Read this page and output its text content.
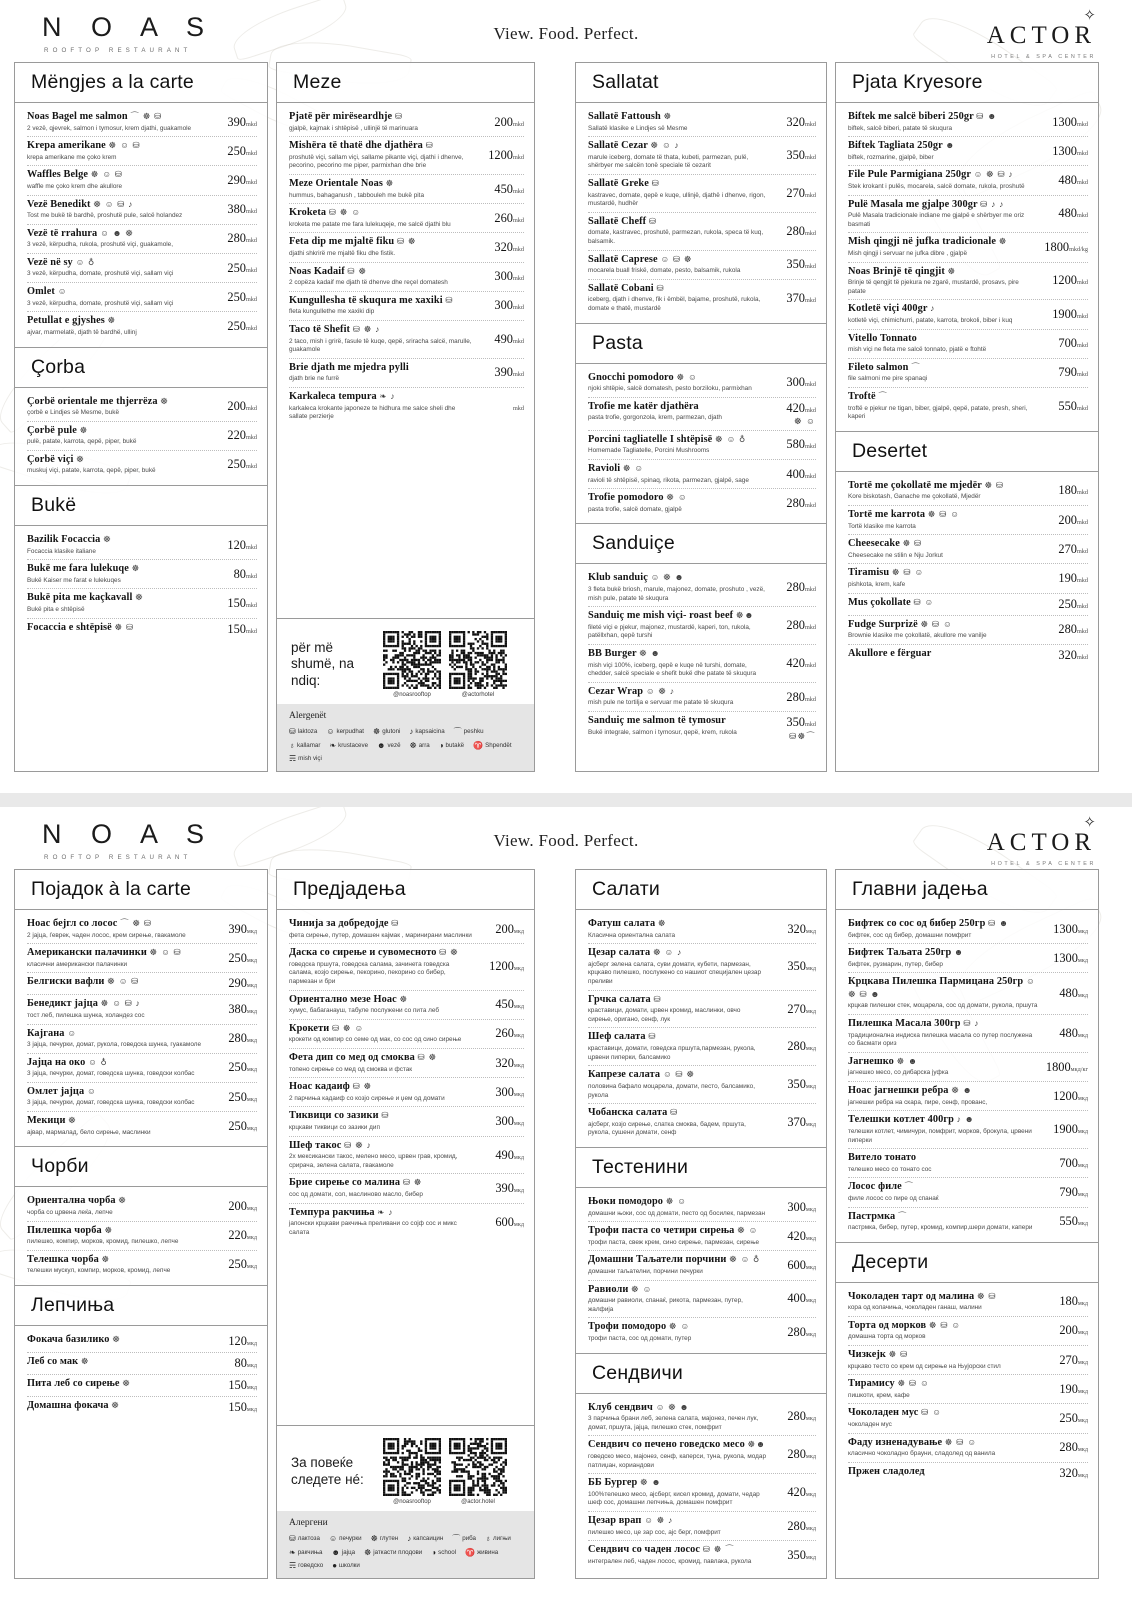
N O A S
ROOFTOP RESTAURANT
View. Food. Perfect.
✧
ACTOR
HOTEL & SPA CENTER
Mëngjes a la carte
Noas Bagel me salmon ⌒ ☸ ⛁
2 vezë, qjevrek, salmon i tymosur, krem djathi, guakamole	390mkd
Krepa amerikane ☸ ☺ ⛁
krepa amerikane me çoko krem	250mkd
Waffles Belge ☸ ☺ ⛁
waffle me çoko krem dhe akullore	290mkd
Vezë Benedikt ☸ ☺ ⛁ ♪
Tost me bukë të bardhë, proshutë pule, salcë holandez	380mkd
Vezë të rrahura ☺ ☻ ☸
3 vezë, kërpudha, rukola, proshutë viçi, guakamole,	280mkd
Vezë në sy ☺ ♁
3 vezë, kërpudha, domate, proshutë viçi, sallam viçi	250mkd
Omlet ☺
3 vezë, kërpudha, domate, proshutë viçi, sallam viçi	250mkd
Petullat e gjyshes ☸
ajvar, marmelatë, djath të bardhë, ullinj	250mkd
Çorba
Çorbë orientale me thjerrëza ☸
çorbë e Lindjes së Mesme, bukë	200mkd
Çorbë pule ☸
pulë, patate, karrota, qepë, piper, bukë	220mkd
Çorbë viçi ☸
muskuj viçi, patate, karrota, qepë, piper, bukë	250mkd
Bukë
Bazilik Focaccia ☸
Focaccia klasike italiane	120mkd
Bukë me fara lulekuqe ☸
Bukë Kaiser me farat e lulekuqes	80mkd
Bukë pita me kaçkavall ☸
Bukë pita e shtëpisë	150mkd
Focaccia e shtëpisë ☸ ⛁	150mkd
Meze
Pjatë për mirëseardhje ⛁
gjalpë, kajmak i shtëpisë , ullinjë të marinuara	200mkd
Mishëra të thatë dhe djathëra ⛁
proshutë viçi, sallam viçi, sallame pikante viçi, djathi i dhenve, pecorino, pecorino me piper, parmixhan dhe brie
1200mkd
Meze Orientale Noas ☸
hummus, bahaganush , tabbouleh me bukë pita	450mkd
Kroketa ⛁ ☸ ☺
kroketa me patate me fara lulekuqeje, me salcë djathi blu	260mkd
Feta dip me mjaltë fiku ⛁ ☸
djathi shkrirë me mjaltë fiku dhe fistik.	320mkd
Noas Kadaif ⛁ ☸
2 copëza kadaif me djath të dhenve dhe reçel domatesh	300mkd
Kungullesha të skuqura me xaxiki ⛁
fleta kungullethe me xaxiki dip	300mkd
Taco të Shefit ⛁ ☸ ♪
2 taco, mish i grirë, fasule të kuqe, qepë, sriracha salcë, marulle, guakamole
490mkd
Brie djath me mjedra pylli
djath brie ne furrë	390mkd
Karkaleca tempura ❧ ♪
karkaleca krokante japoneze te hidhura me salce sheli dhe sallate perzierje
mkd
për më shumë, na ndiq:
@noasrooftop	@actorhotel
Alergenët
⛁ laktoza ☺ kerpudhat ☸ glutoni ♪ kapsaicina ⌒ peshku
♁ kallamar ❧ krustaceve ☻ vezë ☸ arra ◑ butakë ♈ Shpendët
☴ mish viçi
Sallatat
Sallatë Fattoush ☸
Sallatë klasike e Lindjes së Mesme	320mkd
Sallatë Cezar ☸ ☺ ♪
marule iceberg, domate të thata, kubeti, parmezan, pulë, shërbyer me salcën tonë speciale të cezarit
350mkd
Sallatë Greke ⛁
kastravec, domate, qepë e kuqe, ullinjë, djathë i dhenve, rigon, mustardë, hudhër
270mkd
Sallatë Cheff ⛁
domate, kastravec, proshutë, parmezan, rukola, speca të kuq, balsamik.
280mkd
Sallatë Caprese ☺ ⛁ ☸
mocarela buall friskë, domate, pesto, balsamik, rukola	350mkd
Sallatë Cobani ⛁
iceberg, djath i dhenve, fik i ëmbël, bajame, proshutë, rukola, domate e thatë, mustardë
370mkd
Pasta
Gnocchi pomodoro ☸ ☺
njoki shtëpie, salcë domatesh, pesto borziloku, parmixhan	300mkd
Trofie me katër djathëra
pasta trofie, gorgonzola, krem, parmezan, djath
420mkd
☸ ☺
Porcini tagliatelle I shtëpisë ☸ ☺ ♁
Homemade Tagliatelle, Porcini Mushrooms	580mkd
Ravioli ☸ ☺
ravioli të shtëpisë, spinaq, rikota, parmezan, gjalpë, sage	400mkd
Trofie pomodoro ☸ ☺
pasta trofie, salcë domate, gjalpë	280mkd
Sanduiçe
Klub sanduiç ☺ ☸ ☻
3 fleta bukë briosh, marule, majonez, domate, proshuto , vezë, mish pule, patate të skuqura
280mkd
Sanduiç me mish viçi- roast beef ☸☻
fileté viçi e pjekur, majonez, mustardë, kaperi, ton, rukola, patëllxhan, qepë turshi
280mkd
BB Burger ☸ ☻
mish viçi 100%, iceberg, qepë e kuqe në turshi, domate, chedder, salcë speciale e shefit bukë dhe patate të skuqura
420mkd
Cezar Wrap ☺ ☸ ♪
mish pule ne tortilja e servuar me patate të skuqura	280mkd
Sanduiç me salmon të tymosur
Bukë integrale, salmon i tymosur, qepë, krem, rukola
350mkd
⛁☸⌒
Pjata Kryesore
Biftek me salcë biberi 250gr ⛁ ☻
biftek, salcë biberi, patate të skuqura	1300mkd
Biftek Tagliata 250gr ☻
biftek, rozmarine, gjalpë, biber	1300mkd
File Pule Parmigiana 250gr ☺ ☸ ⛁ ♪
Stek krokant i pulës, mocarela, salcë domate, rukola, proshutë	480mkd
Pulë Masala me gjalpe 300gr ⛁ ♪ ♪
Pulë Masala tradicionale indiane me gjalpë e shërbyer me oriz basmati
480mkd
Mish qingji në jufka tradicionale ☸
Mish qingji i servuar ne jufka dibre , gjalpë	1800mkd/kg
Noas Brinjë të qingjit ☸
Brinje të qengjit të pjekura ne zgarë, mustardë, prosavs, pire patate
1200mkd
Kotletë viçi 400gr ♪
kotletë viçi, chimichurri, patate, karrota, brokoli, biber i kuq	1900mkd
Vitello Tonnato
mish viçi ne fleta me salcë tonnato, pjatë e ftohtë	700mkd
Fileto salmon ⌒
file salmoni me pire spanaqi	790mkd
Troftë ⌒
troftë e pjekur ne tigan, biber, gjalpë, qepë, patate, presh, sheri, kaperi
550mkd
Desertet
Tortë me çokollatë me mjedër ☸ ⛁
Kore biskotash, Ganache me çokollatë, Mjedër	180mkd
Tortë me karrota ☸ ⛁ ☺
Tortë klasike me karrota	200mkd
Cheesecake ☸ ⛁
Cheesecake ne stilin e Nju Jorkut	270mkd
Tiramisu ☸ ⛁ ☺
pishkota, krem, kafe	190mkd
Mus çokollate ⛁ ☺	250mkd
Fudge Surprizë ☸ ⛁ ☺
Brownie klasike me çokollatë, akullore me vanilje	280mkd
Akullore e fërguar	320mkd
N O A S
ROOFTOP RESTAURANT
View. Food. Perfect.
✧
ACTOR
HOTEL & SPA CENTER
Појадок à la carte
Ноас бејгл со лосос ⌒ ☸ ⛁
2 јајца, ѓеврек, чаден лосос, крем сирење, гвакамоле	390мкд
Американски палачинки ☸ ☺ ⛁
класични американски палачинки	250мкд
Белгиски вафли ☸ ☺ ⛁	290мкд
Бенедикт јајца ☸ ☺ ⛁ ♪
тост леб, пилешка шунка, холандез сос	380мкд
Кајгана ☺
3 јајца, печурки, домат, рукола, говедска шунка, гуакамоле	280мкд
Jajца на око ☺ ♁
3 јајца, печурки, домат, говедска шунка, говедски колбас	250мкд
Омлет јајца ☺
3 јајца, печурки, домат, говедска шунка, говедски колбас	250мкд
Мекици ☸
ајвар, мармалад, бело сирење, маслинки	250мкд
Чорби
Ориентална чорба ☸
чорба со црвена леќа, лепче	200мкд
Пилешка чорба ☸
пилешко, компир, морков, кромид, пилешко, лепче	220мкд
Телешка чорба ☸
телешки мускул, компир, морков, кромид, лепче	250мкд
Лепчиња
Фокача базилико ☸	120мкд
Леб со мак ☸	80мкд
Пита леб со сирење ☸	150мкд
Домашна фокача ☸	150мкд
Предјадења
Чинија за добредојде ⛁
фета сирење, путер, домашен кајмак , маринирани маслинки	200мкд
Даска со сирење и сувомесното ⛁ ☸
говедска пршута, говедска салама, зачинета говедска салама, козјо сирење, пекорино, пекорино со бибер, пармезан и бри
1200мкд
Ориентално мезе Ноас ☸
хумус, бабаганауш, табуле послужени со пита леб	450мкд
Крокети ⛁ ☸ ☺
крокети од компир со семе од мак, со сос од сино сирење	260мкд
Фета дип со мед од смоква ⛁ ☸
топено сирење со мед од смоква и фстак	320мкд
Ноас кадаиф ⛁ ☸
2 парчиња кадаиф со козjо сирење и џем од домати	300мкд
Тиквици со зазики ⛁
крцкави тиквици со зазики дип	300мкд
Шеф такос ⛁ ☸ ♪
2х мексикански такос, мелено месо, црвен грав, кромид, срирача, зелена салата, гвакамоле
490мкд
Брие сирење со малина ⛁ ☸
сос од домати, сол, маслиново масло, бибер	390мкд
Темпура ракчиња ❧ ♪
јапонски крцкави ракчиња преливани со сојф сос и микс салата
600мкд
За повеќе следете нé:
@noasrooftop	@actor.hotel
Алергени
⛁ лактоза ☺ печурки ☸ глутен ♪ капсаицин ⌒ риба ♁ лигњи
❧ ракчиња ☻ јајца ☸ јаткасти плодови ◑ school ♈ живина
☴ говедско ● школки
Салати
Фатуш салата ☸
Класична ориентална салата	320мкд
Цезар салата ☸ ☺ ♪
ајсберг зелена салата, суви домати, кубети, пармезан, крцкаво пилешко, послужено со нашиот специјален цезар преливи
350мкд
Грчка салата ⛁
краставици, домати, црвен кромид, маслинки, овчо сирење, оригано, сенф, лук
270мкд
Шеф салата ⛁
краставици, домати, говедска пршута,пармезан, рукола, црвени пиперки, балсамико
280мкд
Капрезе салата ☺ ⛁ ☸
половина бафало моцарела, домати, песто, балсамико, рукола
350мкд
Чобанска салата ⛁
ајсберг, козjо сирење, слатка смоква, бадем, пршута, рукола, сушени домати, сенф
370мкд
Тестенини
Њоки помодоро ☸ ☺
домашни њоки, сос од домати, песто од босилек, пармезан	300мкд
Трофи паста со четири сирења ☸ ☺
трофи паста, свеж крем, сино сирење, пармезан, сирење	420мкд
Домашни Таљатели порчини ☸ ☺ ♁
домашни таљателни, порчини печурки	600мкд
Равиоли ☸ ☺
домашни равиоли, спанаќ, рикота, пармезан, путер, жалфија
400мкд
Трофи помодоро ☸ ☺
трофи паста, сос од домати, путер	280мкд
Сендвичи
Клуб сендвич ☺ ☸ ☻
3 парчиња брани леб, зелена салата, мајонез, печен лук, домат, пршута, јајца, пилешко стек, помфрит
280мкд
Сендвич со печено говедско месо ☸☻
говедско месо, мајонез, сенф, каперси, туна, рукола, модар патлиџан, кориандови
280мкд
ББ Бургер ☸ ☻
100%телешко месо, ајсберг, кисел кромид, домати, чедар шеф сос, домашни лепчиња, домашен помфрит
420мкд
Цезар врап ☺ ☸ ♪
пилешко месо, це зар сос, ајс берг, помфрит	280мкд
Сендвич со чаден лосос ⛁ ☸ ⌒
интегрален леб, чаден лосос, кромид, павлака, рукола	350мкд
Главни јадења
Бифтек со сос од бибер 250гр ⛁ ☻
бифтек, сос од бибер, домашни помфрит	1300мкд
Бифтек Таљата 250гр ☻
бифтек, рузмарин, путер, бибер	1300мкд
Крцкава Пилешка Пармицана 250гр ☺ ☸ ⛁ ☻
крцкав пилешки стек, моцарела, сос од домати, рукола, пршута
480мкд
Пилешка Масала 300гр ⛁ ♪
традиционална индиска пилешка масала со путер послужена со басмати ориз
480мкд
Јагнешко ☸ ☻
јагнешко месо, со дибарска јуфка	1800мкд/кг
Ноас јагнешки ребра ☸ ☻
јагнешки ребра на скара, пире, сенф, прованс,	1200мкд
Телешки котлет 400гр ♪ ☻
телешки котлет, чимичури, помфрит, морков, брокула, црвени пиперки
1900мкд
Вителo тонато
телешко месо со тонато сос	700мкд
Лосос филе ⌒
филе лосос со пире од спанаќ	790мкд
Пастрмка ⌒
пастрмка, бибер, путер, кромид, компир,шери домати, капери	550мкд
Десерти
Чоколаден тарт од малина ☸ ⛁
кора од колачиња, чоколаден ганаш, малини	180мкд
Торта од морков ☸ ⛁ ☺
домашна торта од морков	200мкд
Чизкејк ☸ ⛁
крцкаво тесто со крем од сирење на Њујорски стил	270мкд
Тирамису ☸ ⛁ ☺
пишкоти, крем, кафе	190мкд
Чоколаден мус ⛁ ☺
чоколаден мус	250мкд
Фаду изненадување ☸ ⛁ ☺
класично чоколадно брауни, сладолед од ванила	280мкд
Пржен сладолед	320мкд
